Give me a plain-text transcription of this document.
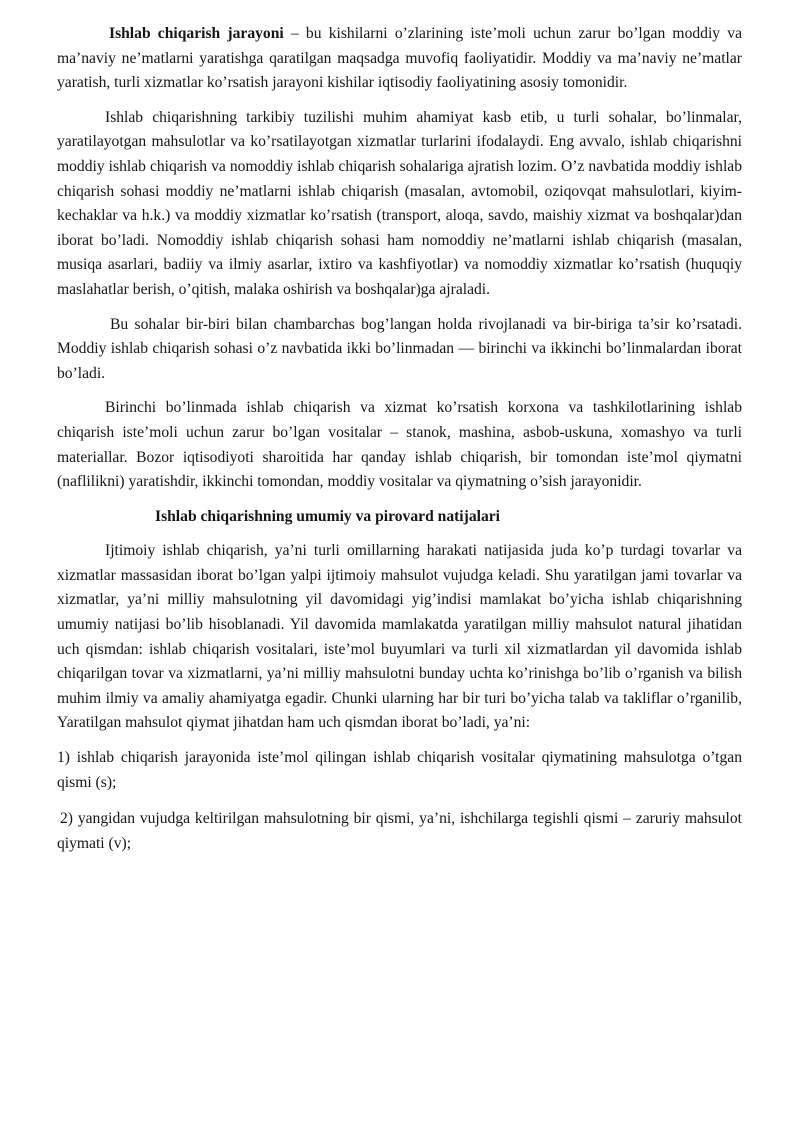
Ishlab chiqarish jarayoni – bu kishilarni o’zlarining iste’moli uchun zarur bo’lgan moddiy va ma’naviy ne’matlarni yaratishga qaratilgan maqsadga muvofiq faoliyatidir. Moddiy va ma’naviy ne’matlar yaratish, turli xizmatlar ko’rsatish jarayoni kishilar iqtisodiy faoliyatining asosiy tomonidir.

Ishlab chiqarishning tarkibiy tuzilishi muhim ahamiyat kasb etib, u turli sohalar, bo’linmalar, yaratilayotgan mahsulotlar va ko’rsatilayotgan xizmatlar turlarini ifodalaydi. Eng avvalo, ishlab chiqarishni moddiy ishlab chiqarish va nomoddiy ishlab chiqarish sohalariga ajratish lozim. O’z navbatida moddiy ishlab chiqarish sohasi moddiy ne’matlarni ishlab chiqarish (masalan, avtomobil, oziqovqat mahsulotlari, kiyim-kechaklar va h.k.) va moddiy xizmatlar ko’rsatish (transport, aloqa, savdo, maishiy xizmat va boshqalar)dan iborat bo’ladi. Nomoddiy ishlab chiqarish sohasi ham nomoddiy ne’matlarni ishlab chiqarish (masalan, musiqa asarlari, badiiy va ilmiy asarlar, ixtiro va kashfiyotlar) va nomoddiy xizmatlar ko’rsatish (huquqiy maslahatlar berish, o’qitish, malaka oshirish va boshqalar)ga ajraladi.

Bu sohalar bir-biri bilan chambarchas bog’langan holda rivojlanadi va bir-biriga ta’sir ko’rsatadi. Moddiy ishlab chiqarish sohasi o’z navbatida ikki bo’linmadan — birinchi va ikkinchi bo’linmalardan iborat bo’ladi.

Birinchi bo’linmada ishlab chiqarish va xizmat ko’rsatish korxona va tashkilotlarining ishlab chiqarish iste’moli uchun zarur bo’lgan vositalar – stanok, mashina, asbob-uskuna, xomashyo va turli materiallar. Bozor iqtisodiyoti sharoitida har qanday ishlab chiqarish, bir tomondan iste’mol qiymatni (naflilikni) yaratishdir, ikkinchi tomondan, moddiy vositalar va qiymatning o’sish jarayonidir.

Ishlab chiqarishning umumiy va pirovard natijalari

Ijtimoiy ishlab chiqarish, ya’ni turli omillarning harakati natijasida juda ko’p turdagi tovarlar va xizmatlar massasidan iborat bo’lgan yalpi ijtimoiy mahsulot vujudga keladi. Shu yaratilgan jami tovarlar va xizmatlar, ya’ni milliy mahsulotning yil davomidagi yig’indisi mamlakat bo’yicha ishlab chiqarishning umumiy natijasi bo’lib hisoblanadi. Yil davomida mamlakatda yaratilgan milliy mahsulot natural jihatidan uch qismdan: ishlab chiqarish vositalari, iste’mol buyumlari va turli xil xizmatlardan yil davomida ishlab chiqarilgan tovar va xizmatlarni, ya’ni milliy mahsulotni bunday uchta ko’rinishga bo’lib o’rganish va bilish muhim ilmiy va amaliy ahamiyatga egadir. Chunki ularning har bir turi bo’yicha talab va takliflar o’rganilib, Yaratilgan mahsulot qiymat jihatdan ham uch qismdan iborat bo’ladi, ya’ni:

1) ishlab chiqarish jarayonida iste’mol qilingan ishlab chiqarish vositalar qiymatining mahsulotga o’tgan qismi (s);

2) yangidan vujudga keltirilgan mahsulotning bir qismi, ya’ni, ishchilarga tegishli qismi – zaruriy mahsulot qiymati (v);
